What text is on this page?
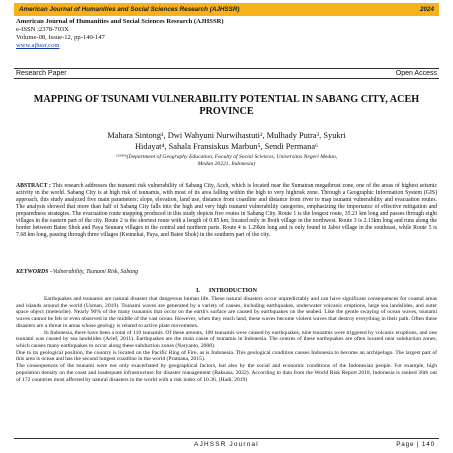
American Journal of Humanities and Social Sciences Research (AJHSSR)	2024
American Journal of Humanities and Social Sciences Research (AJHSSR)
e-ISSN :2378-703X
Volume-08, Issue-12, pp-140-147
www.ajhssr.com
Research Paper	Open Access
MAPPING OF TSUNAMI VULNERABILITY POTENTIAL IN SABANG CITY, ACEH PROVINCE
Mahara Sintong¹, Dwi Wahyuni Nurwihastuti², Mulhady Putra³, Syukri
Hidayat⁴, Sahala Fransiskus Marbun⁵, Sendi Permana⁶
¹²³⁴⁵⁶(Department of Geography Education, Faculty of Social Sciences, Universitas Negeri Medan,
Medan 20221, Indonesia)
ABSTRACT : This research addresses the tsunami risk vulnerability of Sabang City, Aceh, which is located near the Sumatran megathrust zone, one of the areas of highest seismic activity in the world. Sabang City is at high risk of tsunamis, with most of its area falling within the high to very highrisk zone. Through a Geographic Information System (GIS) approach, this study analyzed five main parameters: slope, elevation, land use, distance from coastline and distance from river to map tsunami vulnerability and evacuation routes. The analysis showed that more than half of Sabang City falls into the high and very high tsunami vulnerability categories, emphasizing the importance of effective mitigation and preparedness strategies. The evacuation route mapping produced in this study depicts five routes in Sabang City. Route 1 is the longest route, 35.21 km long and passes through eight villages in the eastern part of the city. Route 2 is the shortest route with a length of 0.85 km, located only in Iboih village in the northwest. Route 3 is 2.13km long and runs along the border between Batee Shok and Paya Seunara villages in the central and northern parts. Route 4 is 1.29km long and is only found in Jaboi village in the southeast, while Route 5 is 7.68 km long, passing through three villages (Keunekai, Paya, and Batee Shok) in the southern part of the city.
KEYWORDS –Vulnerability, Tsunami Risk, Sabang
I. INTRODUCTION

Earthquakes and tsunamis are natural disaster that dangerous human life. These natural disasters occur unpredictably and can have significant consequences for coastal areas and islands around the world (Usman, 2019). Tsunami waves are generated by a variety of causes, including earthquakes, underwater volcanic eruptions, large sea landslides, and outer space object (meteorite). Nearly 90% of the many tsunamis that occur on the earth's surface are caused by earthquakes on the seabed. Like the gentle swaying of ocean waves, tsunami waves cannot be felt or even observed in the middle of the vast ocean. However, when they reach land, these waves become violent waves that destroy everything in their path. Often these disasters are a threat in areas whose geology is related to active plate movements.

In Indonesia, there have been a total of 110 tsunamis. Of these amouts, 100 tsunamis were caused by earthquakes, nine tsunamis were triggered by volcanic eruptions, and one tsunami was caused by sea landslides (Arief, 2011). Earthquakes are the main cause of tsunamis in Indonesia. The centres of these earthquakes are often located near subduction zones, which causes many earthquakes to occur along these subduction zones (Naryanto, 2008).

Due to its geological position, the country is located on the Pacific Ring of Fire, as is Indonesia. This geological condition causes Indonesia to become an archipelago. The largest part of this area is ocean and has the second longest coastline in the world (Pramana, 2015).

The consequences of the tsunami were not only exacerbated by geographical factors, but also by the social and economic conditions of the Indonesian people. For example, high population density on the coast and inadequate infrastructure for disaster management (Raksasa, 2022). According to data from the World Risk Report 2018, Indonesia is ranked 36th out of 172 countries most affected by natural disasters in the world with a risk index of 10.36. (Hadi, 2019)

AJHSSR Journal	Page | 140
